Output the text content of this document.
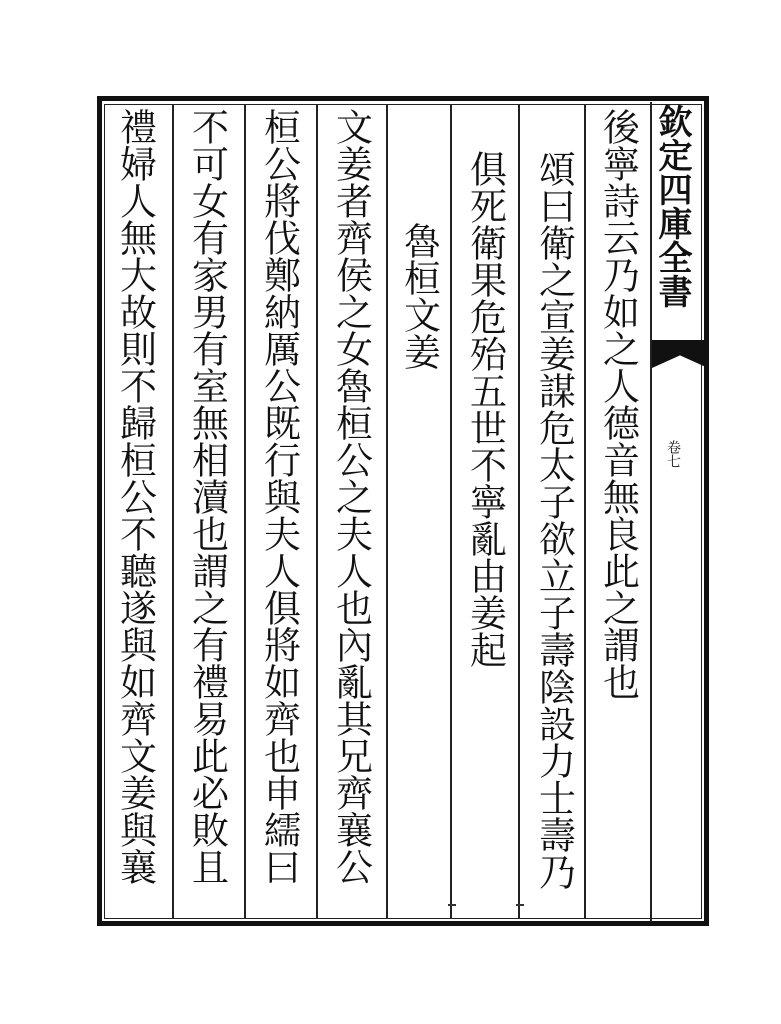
欽定四庫全書
卷七
後寧詩云乃如之人德音無良此之謂也
頌曰衛之宣姜謀危太子欲立子壽陰設力士壽乃
俱死衛果危殆五世不寧亂由姜起
魯桓文姜
文姜者齊侯之女魯桓公之夫人也內亂其兄齊襄公
桓公將伐鄭納厲公既行與夫人俱將如齊也申繻曰
不可女有家男有室無相瀆也謂之有禮易此必敗且
禮婦人無大故則不歸桓公不聽遂與如齊文姜與襄
